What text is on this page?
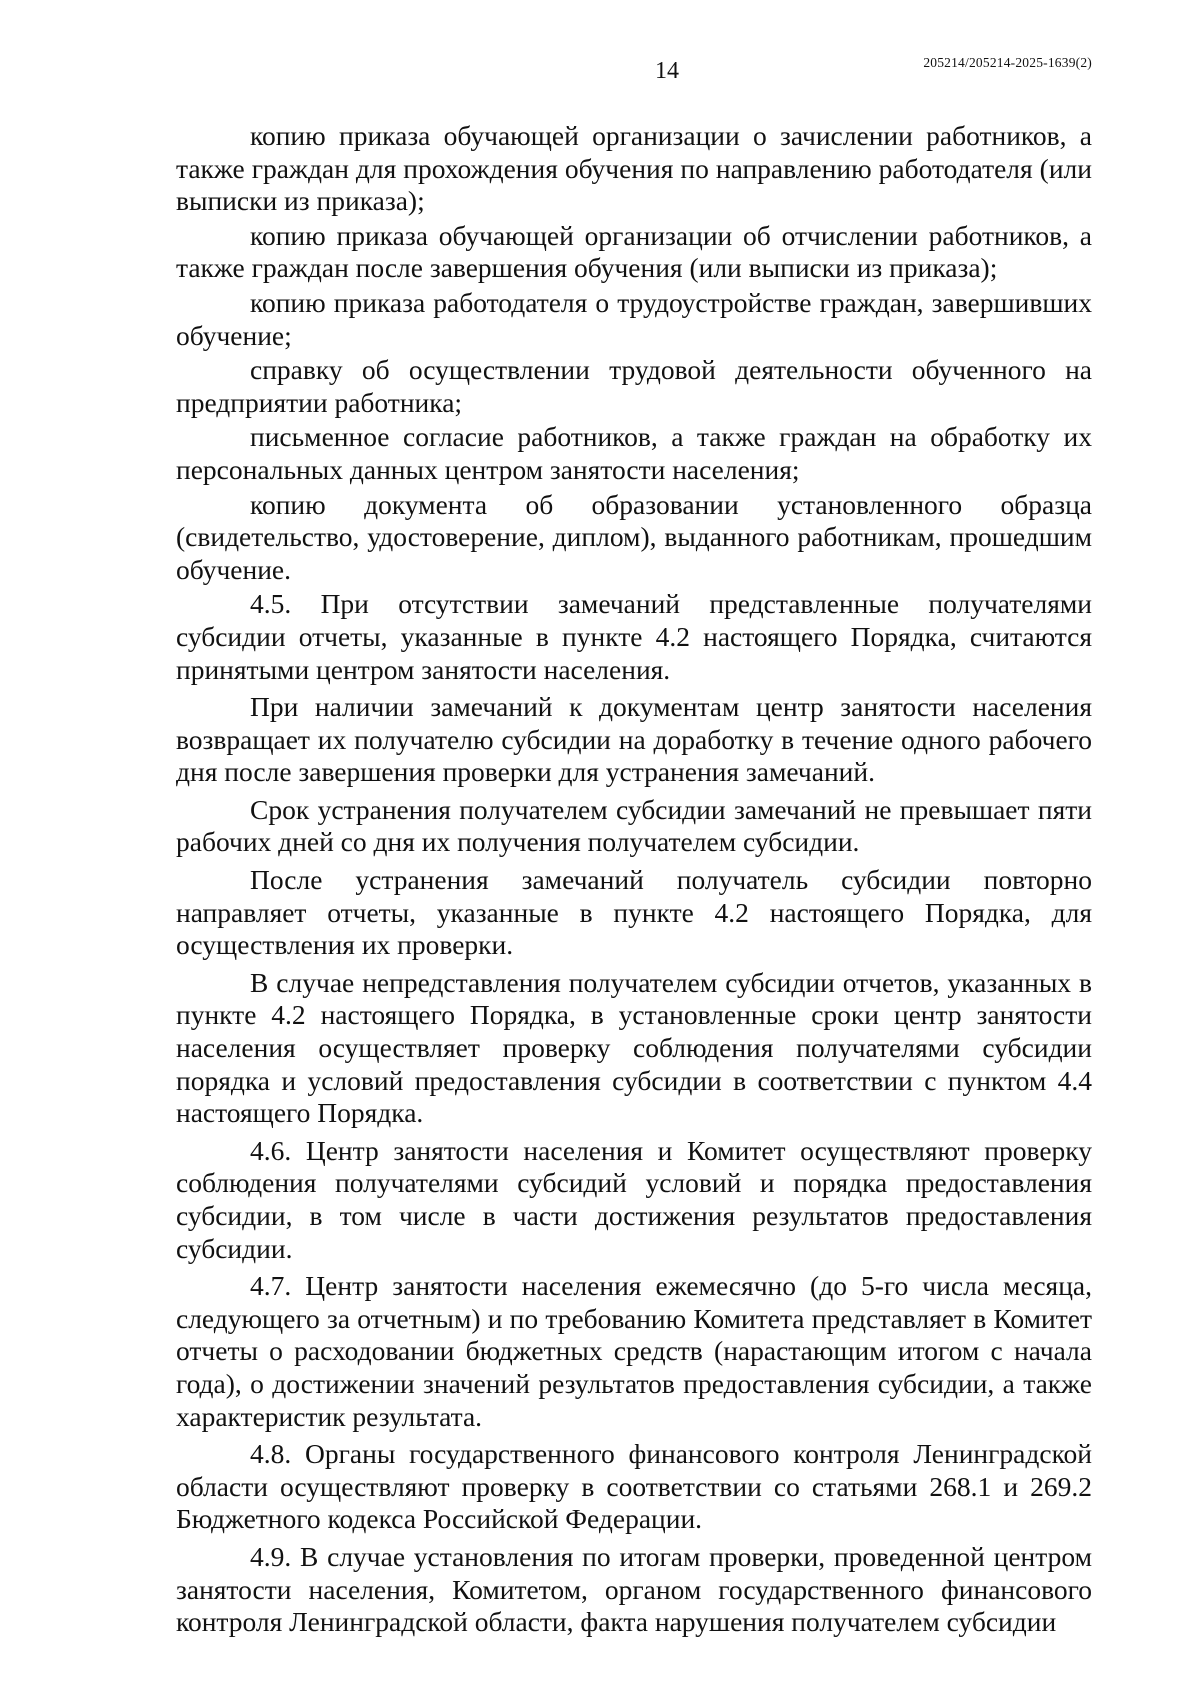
14	205214/205214-2025-1639(2)

копию приказа обучающей организации о зачислении работников, а также граждан для прохождения обучения по направлению работодателя (или выписки из приказа);

копию приказа обучающей организации об отчислении работников, а также граждан после завершения обучения (или выписки из приказа);

копию приказа работодателя о трудоустройстве граждан, завершивших обучение;

справку об осуществлении трудовой деятельности обученного на предприятии работника;

письменное согласие работников, а также граждан на обработку их персональных данных центром занятости населения;

копию документа об образовании установленного образца (свидетельство, удостоверение, диплом), выданного работникам, прошедшим обучение.

4.5. При отсутствии замечаний представленные получателями субсидии отчеты, указанные в пункте 4.2 настоящего Порядка, считаются принятыми центром занятости населения.

При наличии замечаний к документам центр занятости населения возвращает их получателю субсидии на доработку в течение одного рабочего дня после завершения проверки для устранения замечаний.

Срок устранения получателем субсидии замечаний не превышает пяти рабочих дней со дня их получения получателем субсидии.

После устранения замечаний получатель субсидии повторно направляет отчеты, указанные в пункте 4.2 настоящего Порядка, для осуществления их проверки.

В случае непредставления получателем субсидии отчетов, указанных в пункте 4.2 настоящего Порядка, в установленные сроки центр занятости населения осуществляет проверку соблюдения получателями субсидии порядка и условий предоставления субсидии в соответствии с пунктом 4.4 настоящего Порядка.

4.6. Центр занятости населения и Комитет осуществляют проверку соблюдения получателями субсидий условий и порядка предоставления субсидии, в том числе в части достижения результатов предоставления субсидии.

4.7. Центр занятости населения ежемесячно (до 5-го числа месяца, следующего за отчетным) и по требованию Комитета представляет в Комитет отчеты о расходовании бюджетных средств (нарастающим итогом с начала года), о достижении значений результатов предоставления субсидии, а также характеристик результата.

4.8. Органы государственного финансового контроля Ленинградской области осуществляют проверку в соответствии со статьями 268.1 и 269.2 Бюджетного кодекса Российской Федерации.

4.9. В случае установления по итогам проверки, проведенной центром занятости населения, Комитетом, органом государственного финансового контроля Ленинградской области, факта нарушения получателем субсидии
